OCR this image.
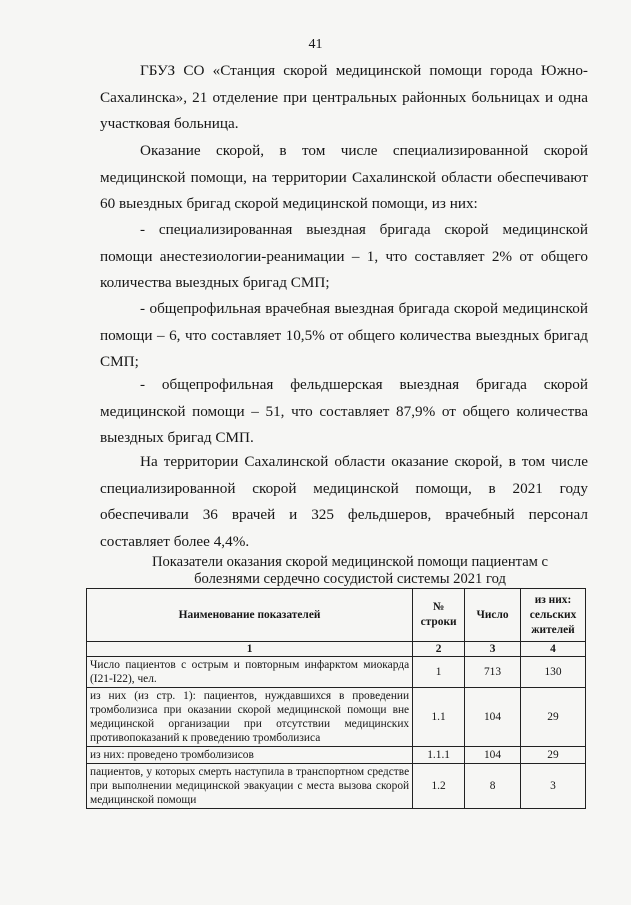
41

ГБУЗ СО «Станция скорой медицинской помощи города Южно-Сахалинска», 21 отделение при центральных районных больницах и одна участковая больница.

Оказание скорой, в том числе специализированной скорой медицинской помощи, на территории Сахалинской области обеспечивают 60 выездных бригад скорой медицинской помощи, из них:

- специализированная выездная бригада скорой медицинской помощи анестезиологии-реанимации – 1, что составляет 2% от общего количества выездных бригад СМП;

- общепрофильная врачебная выездная бригада скорой медицинской помощи – 6, что составляет 10,5% от общего количества выездных бригад СМП;

- общепрофильная фельдшерская выездная бригада скорой медицинской помощи – 51, что составляет 87,9% от общего количества выездных бригад СМП.

На территории Сахалинской области оказание скорой, в том числе специализированной скорой медицинской помощи, в 2021 году обеспечивали 36 врачей и 325 фельдшеров, врачебный персонал составляет более 4,4%.

Показатели оказания скорой медицинской помощи пациентам с болезнями сердечно сосудистой системы 2021 год
Наименование показателей	№ строки	Число	из них: сельских жителей
1	2	3	4
Число пациентов с острым и повторным инфарктом миокарда (I21-I22), чел.	1	713	130
из них (из стр. 1): пациентов, нуждавшихся в проведении тромболизиса при оказании скорой медицинской помощи вне медицинской организации при отсутствии медицинских противопоказаний к проведению тромболизиса	1.1	104	29
из них: проведено тромболизисов	1.1.1	104	29
пациентов, у которых смерть наступила в транспортном средстве при выполнении медицинской эвакуации с места вызова скорой медицинской помощи	1.2	8	3
